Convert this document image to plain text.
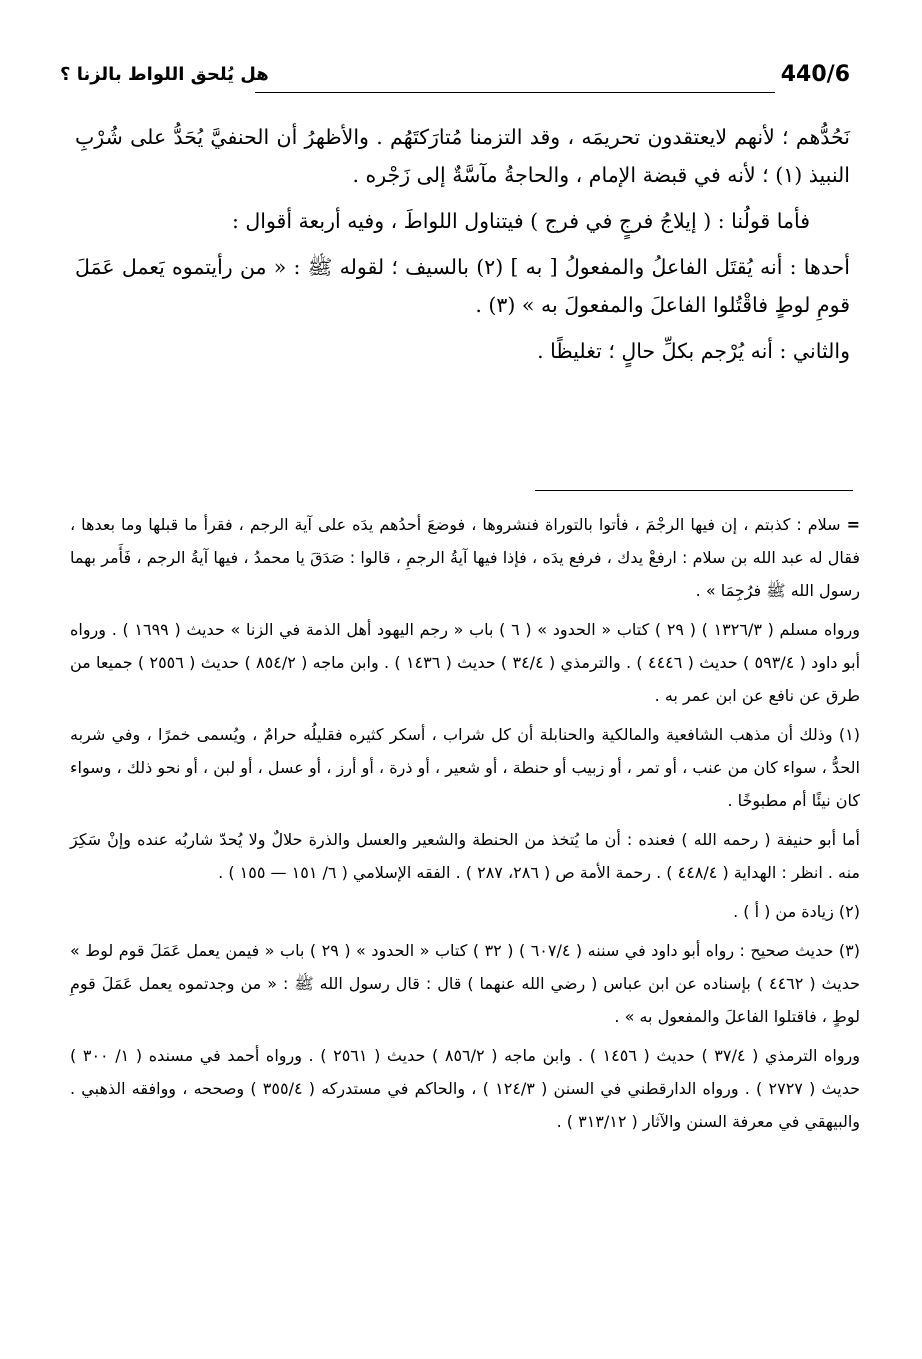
440/6
هل يُلحق اللواط بالزنا ؟

نَحُدُّهم ؛ لأنهم لايعتقدون تحريمَه ، وقد التزمنا مُتارَكتَهُم . والأظهرُ أن الحنفيَّ يُحَدُّ على شُرْبِ النبيذ (١) ؛ لأنه في قبضة الإمام ، والحاجةُ مآسَّةٌ إلى زَجْره .

فأما قولُنا : ( إيلاجُ فرجٍ في فرج ) فيتناول اللواطَ ، وفيه أربعة أقوال :

أحدها : أنه يُقتَل الفاعلُ والمفعولُ [ به ] (٢) بالسيف ؛ لقوله ﷺ : « من رأيتموه يَعمل عَمَلَ قومِ لوطٍ فاقْتُلوا الفاعلَ والمفعولَ به » (٣) .

والثاني : أنه يُرْجم بكلِّ حالٍ ؛ تغليظًا .

= سلام : كذبتم ، إن فيها الرجْمَ ، فأتوا بالتوراة فنشروها ، فوضعَ أحدُهم يدَه على آية الرجم ، فقرأ ما قبلها وما بعدها ، فقال له عبد الله بن سلام : ارفعْ يدك ، فرفع يدَه ، فإذا فيها آيةُ الرجمِ ، قالوا : صَدَقَ يا محمدُ ، فيها آيةُ الرجم ، فَأَمر بهما رسول الله ﷺ فرُجِمَا » .

ورواه مسلم ( ١٣٢٦/٣ ) ( ٢٩ ) كتاب « الحدود » ( ٦ ) باب « رجم اليهود أهل الذمة في الزنا » حديث ( ١٦٩٩ ) . ورواه أبو داود ( ٥٩٣/٤ ) حديث ( ٤٤٤٦ ) . والترمذي ( ٣٤/٤ ) حديث ( ١٤٣٦ ) . وابن ماجه ( ٨٥٤/٢ ) حديث ( ٢٥٥٦ ) جميعا من طرق عن نافع عن ابن عمر به .

(١) وذلك أن مذهب الشافعية والمالكية والحنابلة أن كل شراب ، أسكر كثيره فقليلُه حرامٌ ، ويُسمى خمرًا ، وفي شربه الحدُّ ، سواء كان من عنب ، أو تمر ، أو زبيب أو حنطة ، أو شعير ، أو ذرة ، أو أرز ، أو عسل ، أو لبن ، أو نحو ذلك ، وسواء كان نيئًا أم مطبوخًا .

أما أبو حنيفة ( رحمه الله ) فعنده : أن ما يُتخذ من الحنطة والشعير والعسل والذرة حلالٌ ولا يُحدّ شاربُه عنده وإنْ سَكِرَ منه . انظر : الهداية ( ٤٤٨/٤ ) . رحمة الأمة ص ( ٢٨٦، ٢٨٧ ) . الفقه الإسلامي ( ٦/ ١٥١ — ١٥٥ ) .

(٢) زيادة من ( أ ) .

(٣) حديث صحيح : رواه أبو داود في سننه ( ٦٠٧/٤ ) ( ٣٢ ) كتاب « الحدود » ( ٢٩ ) باب « فيمن يعمل عَمَلَ قوم لوط » حديث ( ٤٤٦٢ ) بإسناده عن ابن عباس ( رضي الله عنهما ) قال : قال رسول الله ﷺ : « من وجدتموه يعمل عَمَلَ قومِ لوطٍ ، فاقتلوا الفاعلَ والمفعول به » .

ورواه الترمذي ( ٣٧/٤ ) حديث ( ١٤٥٦ ) . وابن ماجه ( ٨٥٦/٢ ) حديث ( ٢٥٦١ ) . ورواه أحمد في مسنده ( ١/ ٣٠٠ ) حديث ( ٢٧٢٧ ) . ورواه الدارقطني في السنن ( ١٢٤/٣ ) ، والحاكم في مستدركه ( ٣٥٥/٤ ) وصححه ، ووافقه الذهبي . والبيهقي في معرفة السنن والآثار ( ٣١٣/١٢ ) .
